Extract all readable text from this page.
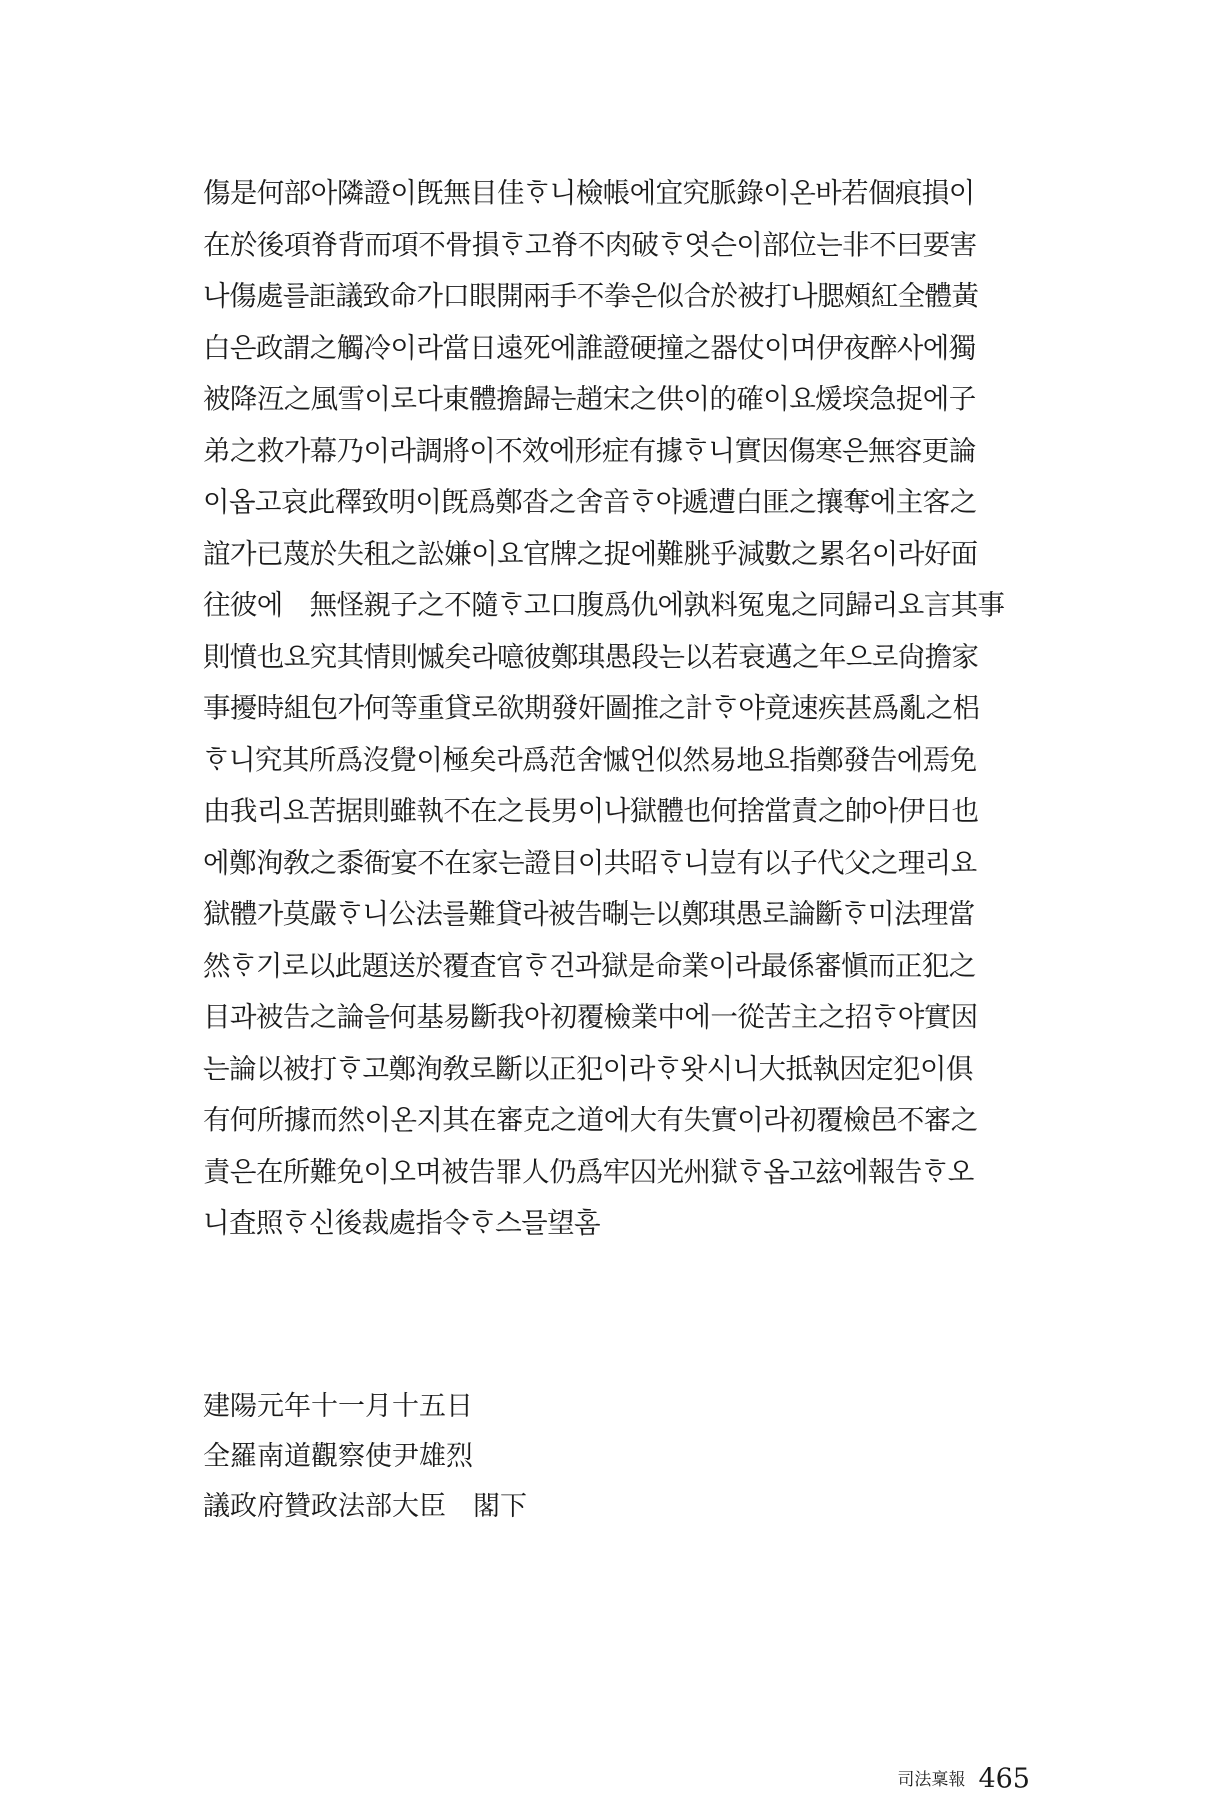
傷是何部아隣證이旣無目佳ᄒᆞ니檢帳에宜究脈錄이온바若個痕損이
在於後項脊背而項不骨損ᄒᆞ고脊不肉破ᄒᆞ엿슨이部位는非不曰要害
나傷處를詎議致命가口眼開兩手不拳은似合於被打나腮頰紅全體黃
白은政謂之觸冷이라當日遠死에誰證硬撞之器仗이며伊夜醉사에獨
被降沍之風雪이로다東體擔歸는趙宋之供이的確이요煖堗急捉에子
弟之救가幕乃이라調將이不效에形症有據ᄒᆞ니實因傷寒은無容更論
이옵고哀此䆁致明이旣爲鄭沓之舍音ᄒᆞ야遞遭白匪之攘奪에主客之
誼가已蔑於失租之訟嫌이요官牌之捉에難脁乎減數之累名이라好面
往彼에　無怪親子之不隨ᄒᆞ고口腹爲仇에孰料冤鬼之同歸리요言其事
則憤也요究其情則慽矣라噫彼鄭琪愚段는以若衰邁之年으로尙擔家
事擾時組包가何等重貸로欲期發奸圖推之計ᄒᆞ야竟速疾甚爲亂之梠
ᄒᆞ니究其所爲沒覺이極矣라爲范舍慽언似然易地요指鄭發告에焉免
由我리요苦据則雖執不在之長男이나獄體也何捨當責之帥아伊日也
에鄭洵敎之黍衙宴不在家는證目이共昭ᄒᆞ니豈有以子代父之理리요
獄體가莫嚴ᄒᆞ니公法를難貸라被告㫼는以鄭琪愚로論斷ᄒᆞ미法理當
然ᄒᆞ기로以此題送於覆査官ᄒᆞ건과獄是命業이라最係審愼而正犯之
目과被告之論을何基易斷我아初覆檢業中에一從苦主之招ᄒᆞ야實因
는論以被打ᄒᆞ고鄭洵敎로斷以正犯이라ᄒᆞ왓시니大抵執因定犯이俱
有何所據而然이온지其在審克之道에大有失實이라初覆檢邑不審之
責은在所難免이오며被告罪人仍爲牢囚光州獄ᄒᆞ옵고玆에報告ᄒᆞ오
니査照ᄒᆞ신後裁處指令ᄒᆞ스믈望홈
建陽元年十一月十五日
全羅南道觀察使尹雄烈
議政府贊政法部大臣　閣下
司法稟報 465
